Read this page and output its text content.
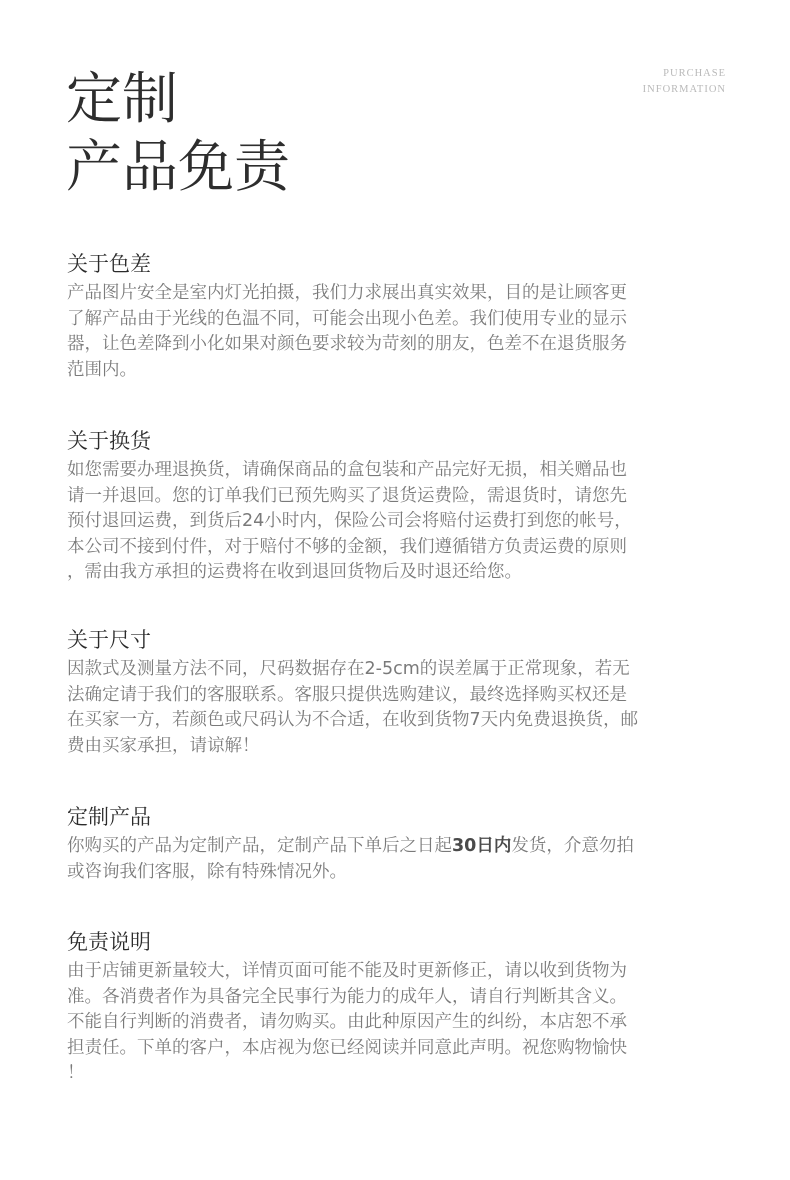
PURCHASE
INFORMATION
定制
产品免责
关于色差

产品图片安全是室内灯光拍摄，我们力求展出真实效果，目的是让顾客更
了解产品由于光线的色温不同，可能会出现小色差。我们使用专业的显示
器，让色差降到小化如果对颜色要求较为苛刻的朋友，色差不在退货服务
范围内。

关于换货

如您需要办理退换货，请确保商品的盒包装和产品完好无损，相关赠品也
请一并退回。您的订单我们已预先购买了退货运费险，需退货时，请您先
预付退回运费，到货后24小时内，保险公司会将赔付运费打到您的帐号，
本公司不接到付件，对于赔付不够的金额，我们遵循错方负责运费的原则
，需由我方承担的运费将在收到退回货物后及时退还给您。

关于尺寸

因款式及测量方法不同，尺码数据存在2-5cm的误差属于正常现象，若无
法确定请于我们的客服联系。客服只提供选购建议，最终选择购买权还是
在买家一方，若颜色或尺码认为不合适，在收到货物7天内免费退换货，邮
费由买家承担，请谅解！

定制产品

你购买的产品为定制产品，定制产品下单后之日起30日内发货，介意勿拍
或咨询我们客服，除有特殊情况外。

免责说明

由于店铺更新量较大，详情页面可能不能及时更新修正，请以收到货物为
准。各消费者作为具备完全民事行为能力的成年人，请自行判断其含义。
不能自行判断的消费者，请勿购买。由此种原因产生的纠纷，本店恕不承
担责任。下单的客户，本店视为您已经阅读并同意此声明。祝您购物愉快
！
